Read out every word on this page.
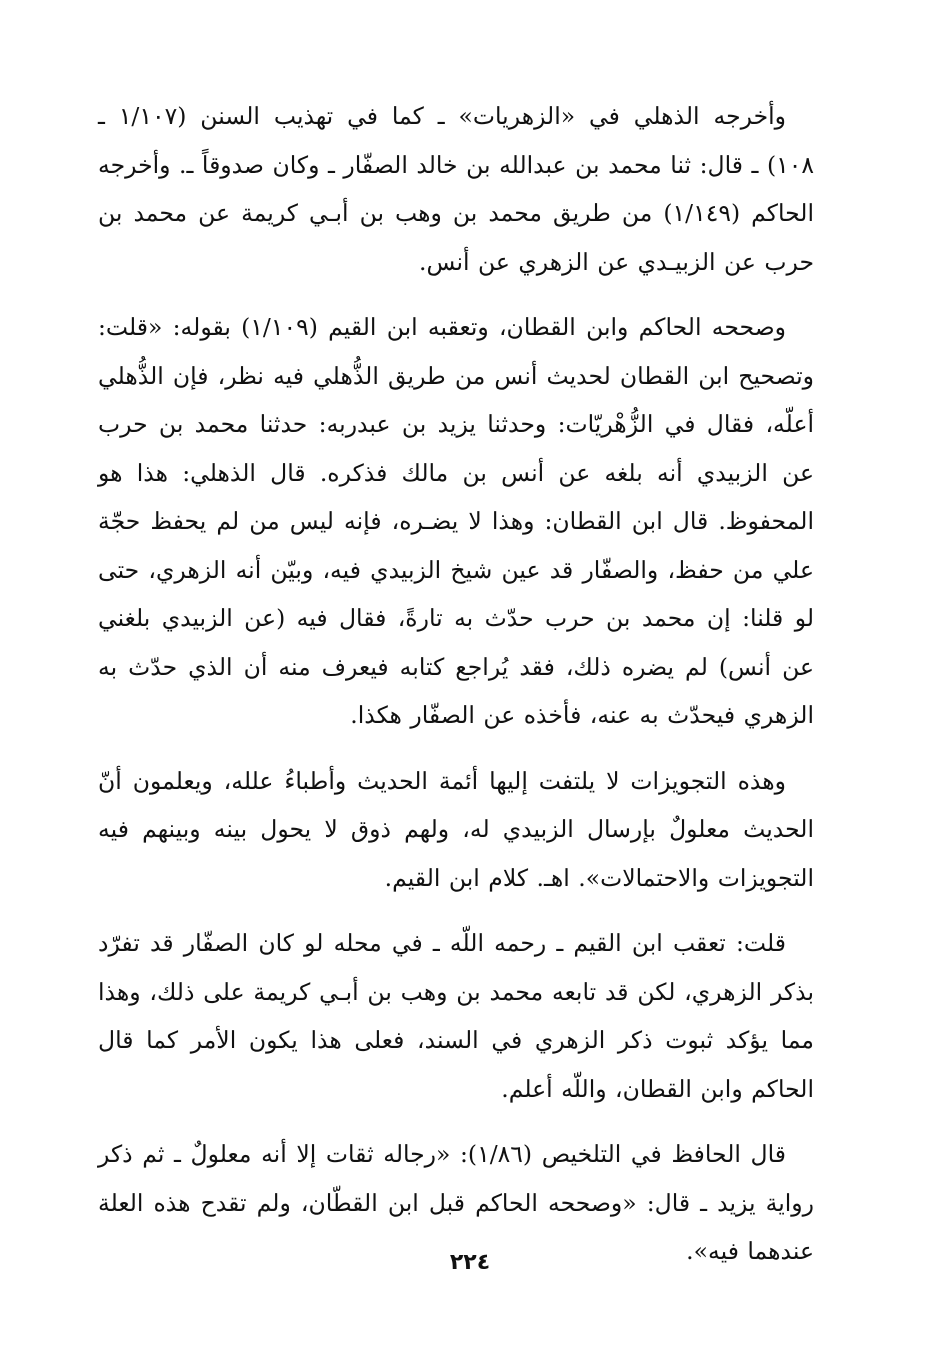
وأخرجه الذهلي في «الزهريات» ـ كما في تهذيب السنن (١/١٠٧ ـ ١٠٨) ـ قال: ثنا محمد بن عبدالله بن خالد الصفّار ـ وكان صدوقاً ـ. وأخرجه الحاكم (١/١٤٩) من طريق محمد بن وهب بن أبـي كريمة عن محمد بن حرب عن الزبيـدي عن الزهري عن أنس.

وصححه الحاكم وابن القطان، وتعقبه ابن القيم (١/١٠٩) بقوله: «قلت: وتصحيح ابن القطان لحديث أنس من طريق الذُّهلي فيه نظر، فإن الذُّهلي أعلّه، فقال في الزُّهْريّات: وحدثنا يزيد بن عبدربه: حدثنا محمد بن حرب عن الزبيدي أنه بلغه عن أنس بن مالك فذكره. قال الذهلي: هذا هو المحفوظ. قال ابن القطان: وهذا لا يضـره، فإنه ليس من لم يحفظ حجّة علي من حفظ، والصفّار قد عين شيخ الزبيدي فيه، وبيّن أنه الزهري، حتى لو قلنا: إن محمد بن حرب حدّث به تارةً، فقال فيه (عن الزبيدي بلغني عن أنس) لم يضره ذلك، فقد يُراجع كتابه فيعرف منه أن الذي حدّث به الزهري فيحدّث به عنه، فأخذه عن الصفّار هكذا.

وهذه التجويزات لا يلتفت إليها أئمة الحديث وأطباءُ علله، ويعلمون أنّ الحديث معلولٌ بإرسال الزبيدي له، ولهم ذوق لا يحول بينه وبينهم فيه التجويزات والاحتمالات». اهـ. كلام ابن القيم.

قلت: تعقب ابن القيم ـ رحمه اللّه ـ في محله لو كان الصفّار قد تفرّد بذكر الزهري، لكن قد تابعه محمد بن وهب بن أبـي كريمة على ذلك، وهذا مما يؤكد ثبوت ذكر الزهري في السند، فعلى هذا يكون الأمر كما قال الحاكم وابن القطان، واللّه أعلم.

قال الحافظ في التلخيص (١/٨٦): «رجاله ثقات إلا أنه معلولٌ ـ ثم ذكر رواية يزيد ـ قال: «وصححه الحاكم قبل ابن القطّان، ولم تقدح هذه العلة عندهما فيه».

٢٢٤
